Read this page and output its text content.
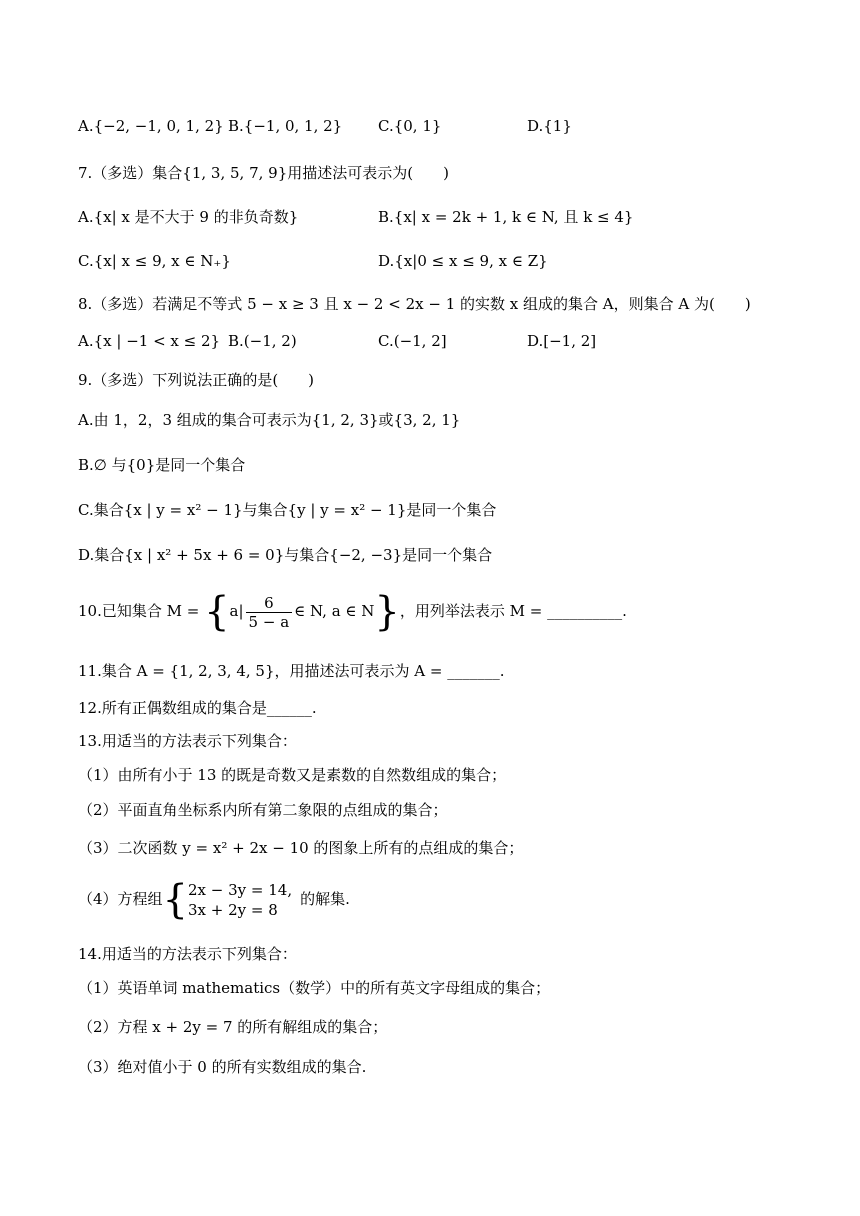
A.{−2, −1, 0, 1, 2} B.{−1, 0, 1, 2} C.{0, 1}	D.{1}
7.（多选）集合{1, 3, 5, 7, 9}用描述法可表示为(　　)
A.{x| x 是不大于 9 的非负奇数}	B.{x| x = 2k + 1, k ∈ N, 且 k ≤ 4}
C.{x| x ≤ 9, x ∈ N₊}	D.{x|0 ≤ x ≤ 9, x ∈ Z}
8.（多选）若满足不等式 5 − x ≥ 3 且 x − 2 < 2x − 1 的实数 x 组成的集合 A，则集合 A 为(　　)
A.{x | −1 < x ≤ 2} B.(−1, 2)	C.(−1, 2]	D.[−1, 2]
9.（多选）下列说法正确的是(　　)
A.由 1，2，3 组成的集合可表示为{1, 2, 3}或{3, 2, 1}
B.∅ 与{0}是同一个集合
C.集合{x | y = x² − 1}与集合{y | y = x² − 1}是同一个集合
D.集合{x | x² + 5x + 6 = 0}与集合{−2, −3}是同一个集合
10.已知集合 $M = \{a| \frac{6}{5 - a}$ ∈ N, a ∈ N}，用列举法表示 M = __________.
11.集合 A = {1, 2, 3, 4, 5}，用描述法可表示为 A = _______.
12.所有正偶数组成的集合是______.
13.用适当的方法表示下列集合：
（1）由所有小于 13 的既是奇数又是素数的自然数组成的集合；
（2）平面直角坐标系内所有第二象限的点组成的集合；
（3）二次函数 y = x² + 2x − 10 的图象上所有的点组成的集合；
（4）方程组{ 2x − 3y = 14,
3x + 2y = 8
的解集.
14.用适当的方法表示下列集合：
（1）英语单词 mathematics（数学）中的所有英文字母组成的集合；
（2）方程 x + 2y = 7 的所有解组成的集合；
（3）绝对值小于 0 的所有实数组成的集合.
